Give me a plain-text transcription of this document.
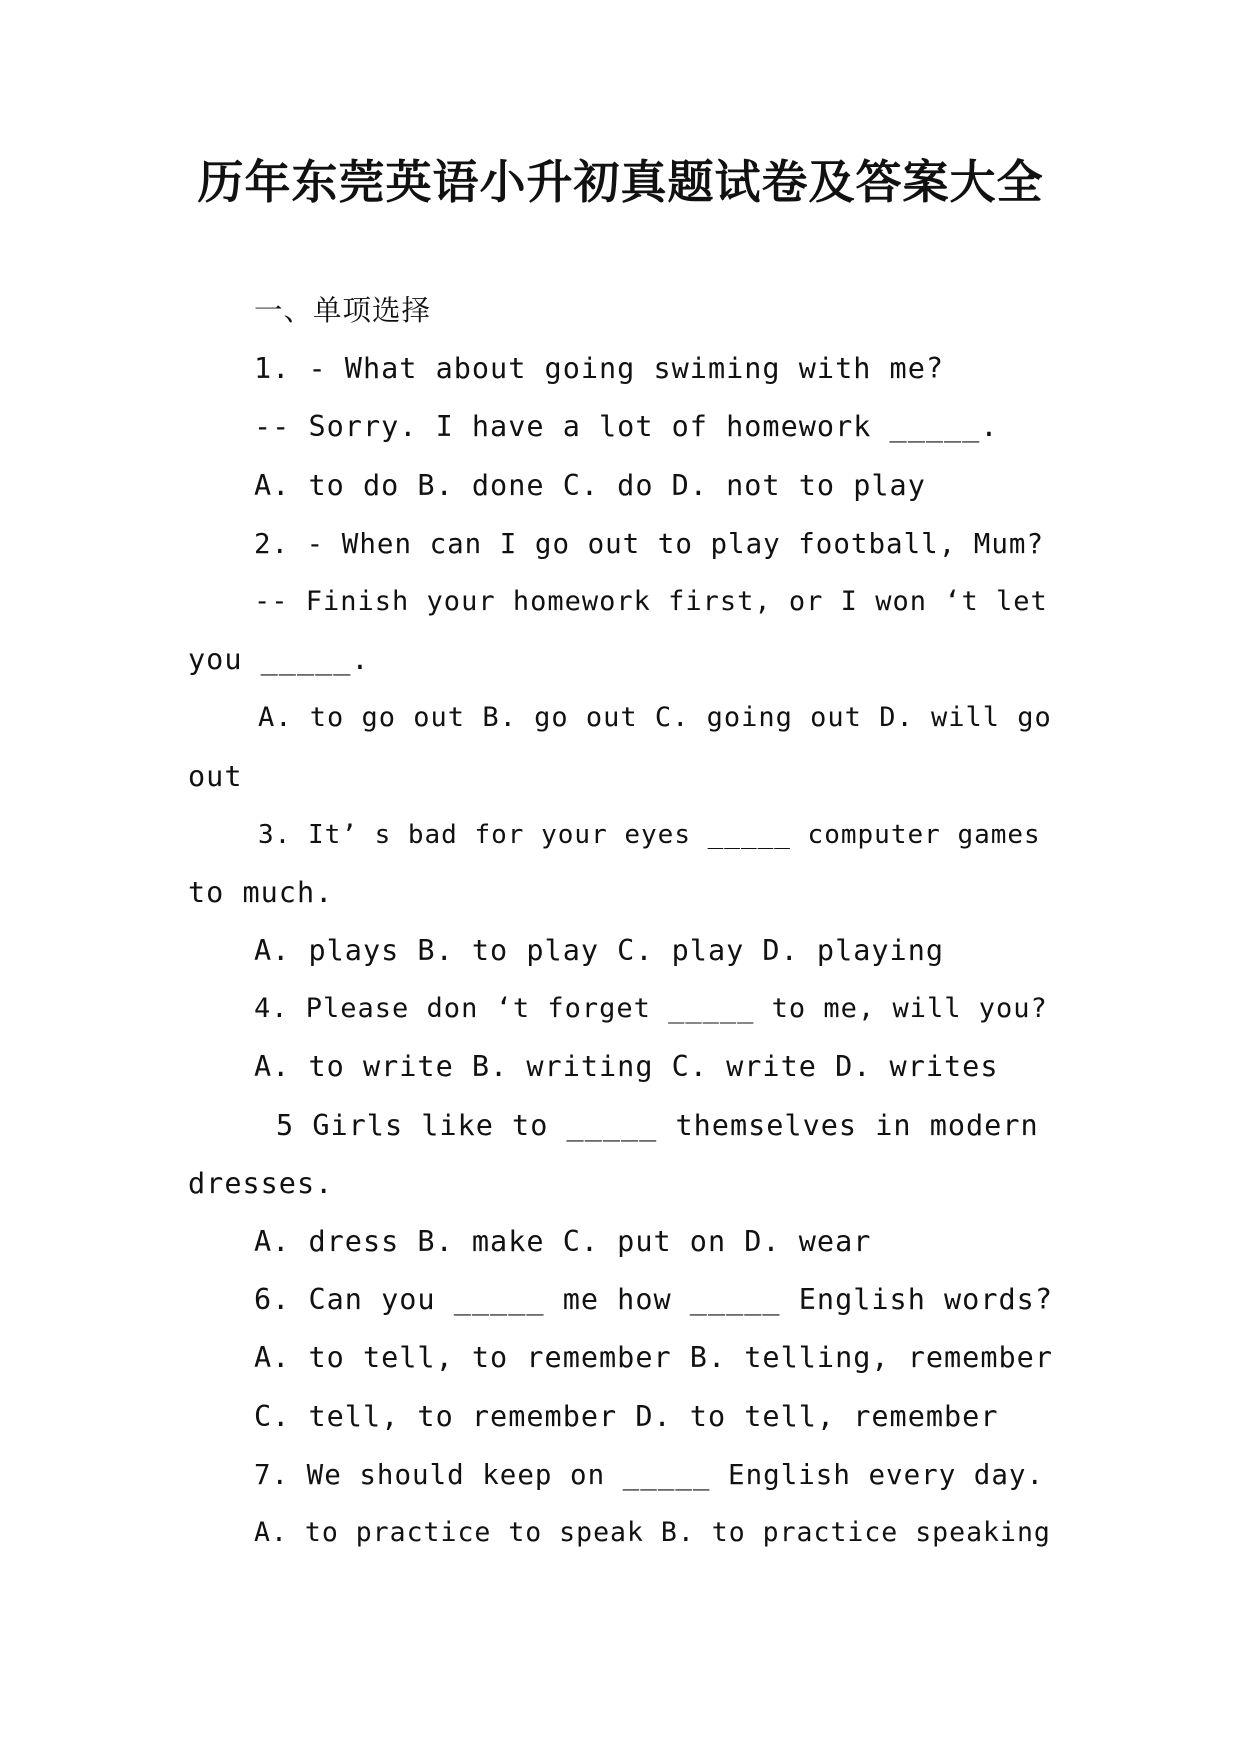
历年东莞英语小升初真题试卷及答案大全
一、单项选择
1. - What about going swiming with me?
-- Sorry. I have a lot of homework _____.
A. to do B. done C. do D. not to play
2. - When can I go out to play football, Mum?
-- Finish your homework first, or I won ‘t let
you _____.
A. to go out B. go out C. going out D. will go
out
3. It’ s bad for your eyes _____ computer games
to much.
A. plays B. to play C. play D. playing
4. Please don ‘t forget _____ to me, will you?
A. to write B. writing C. write D. writes
5 Girls like to _____ themselves in modern
dresses.
A. dress B. make C. put on D. wear
6. Can you _____ me how _____ English words?
A. to tell, to remember B. telling, remember
C. tell, to remember D. to tell, remember
7. We should keep on _____ English every day.
A. to practice to speak B. to practice speaking
